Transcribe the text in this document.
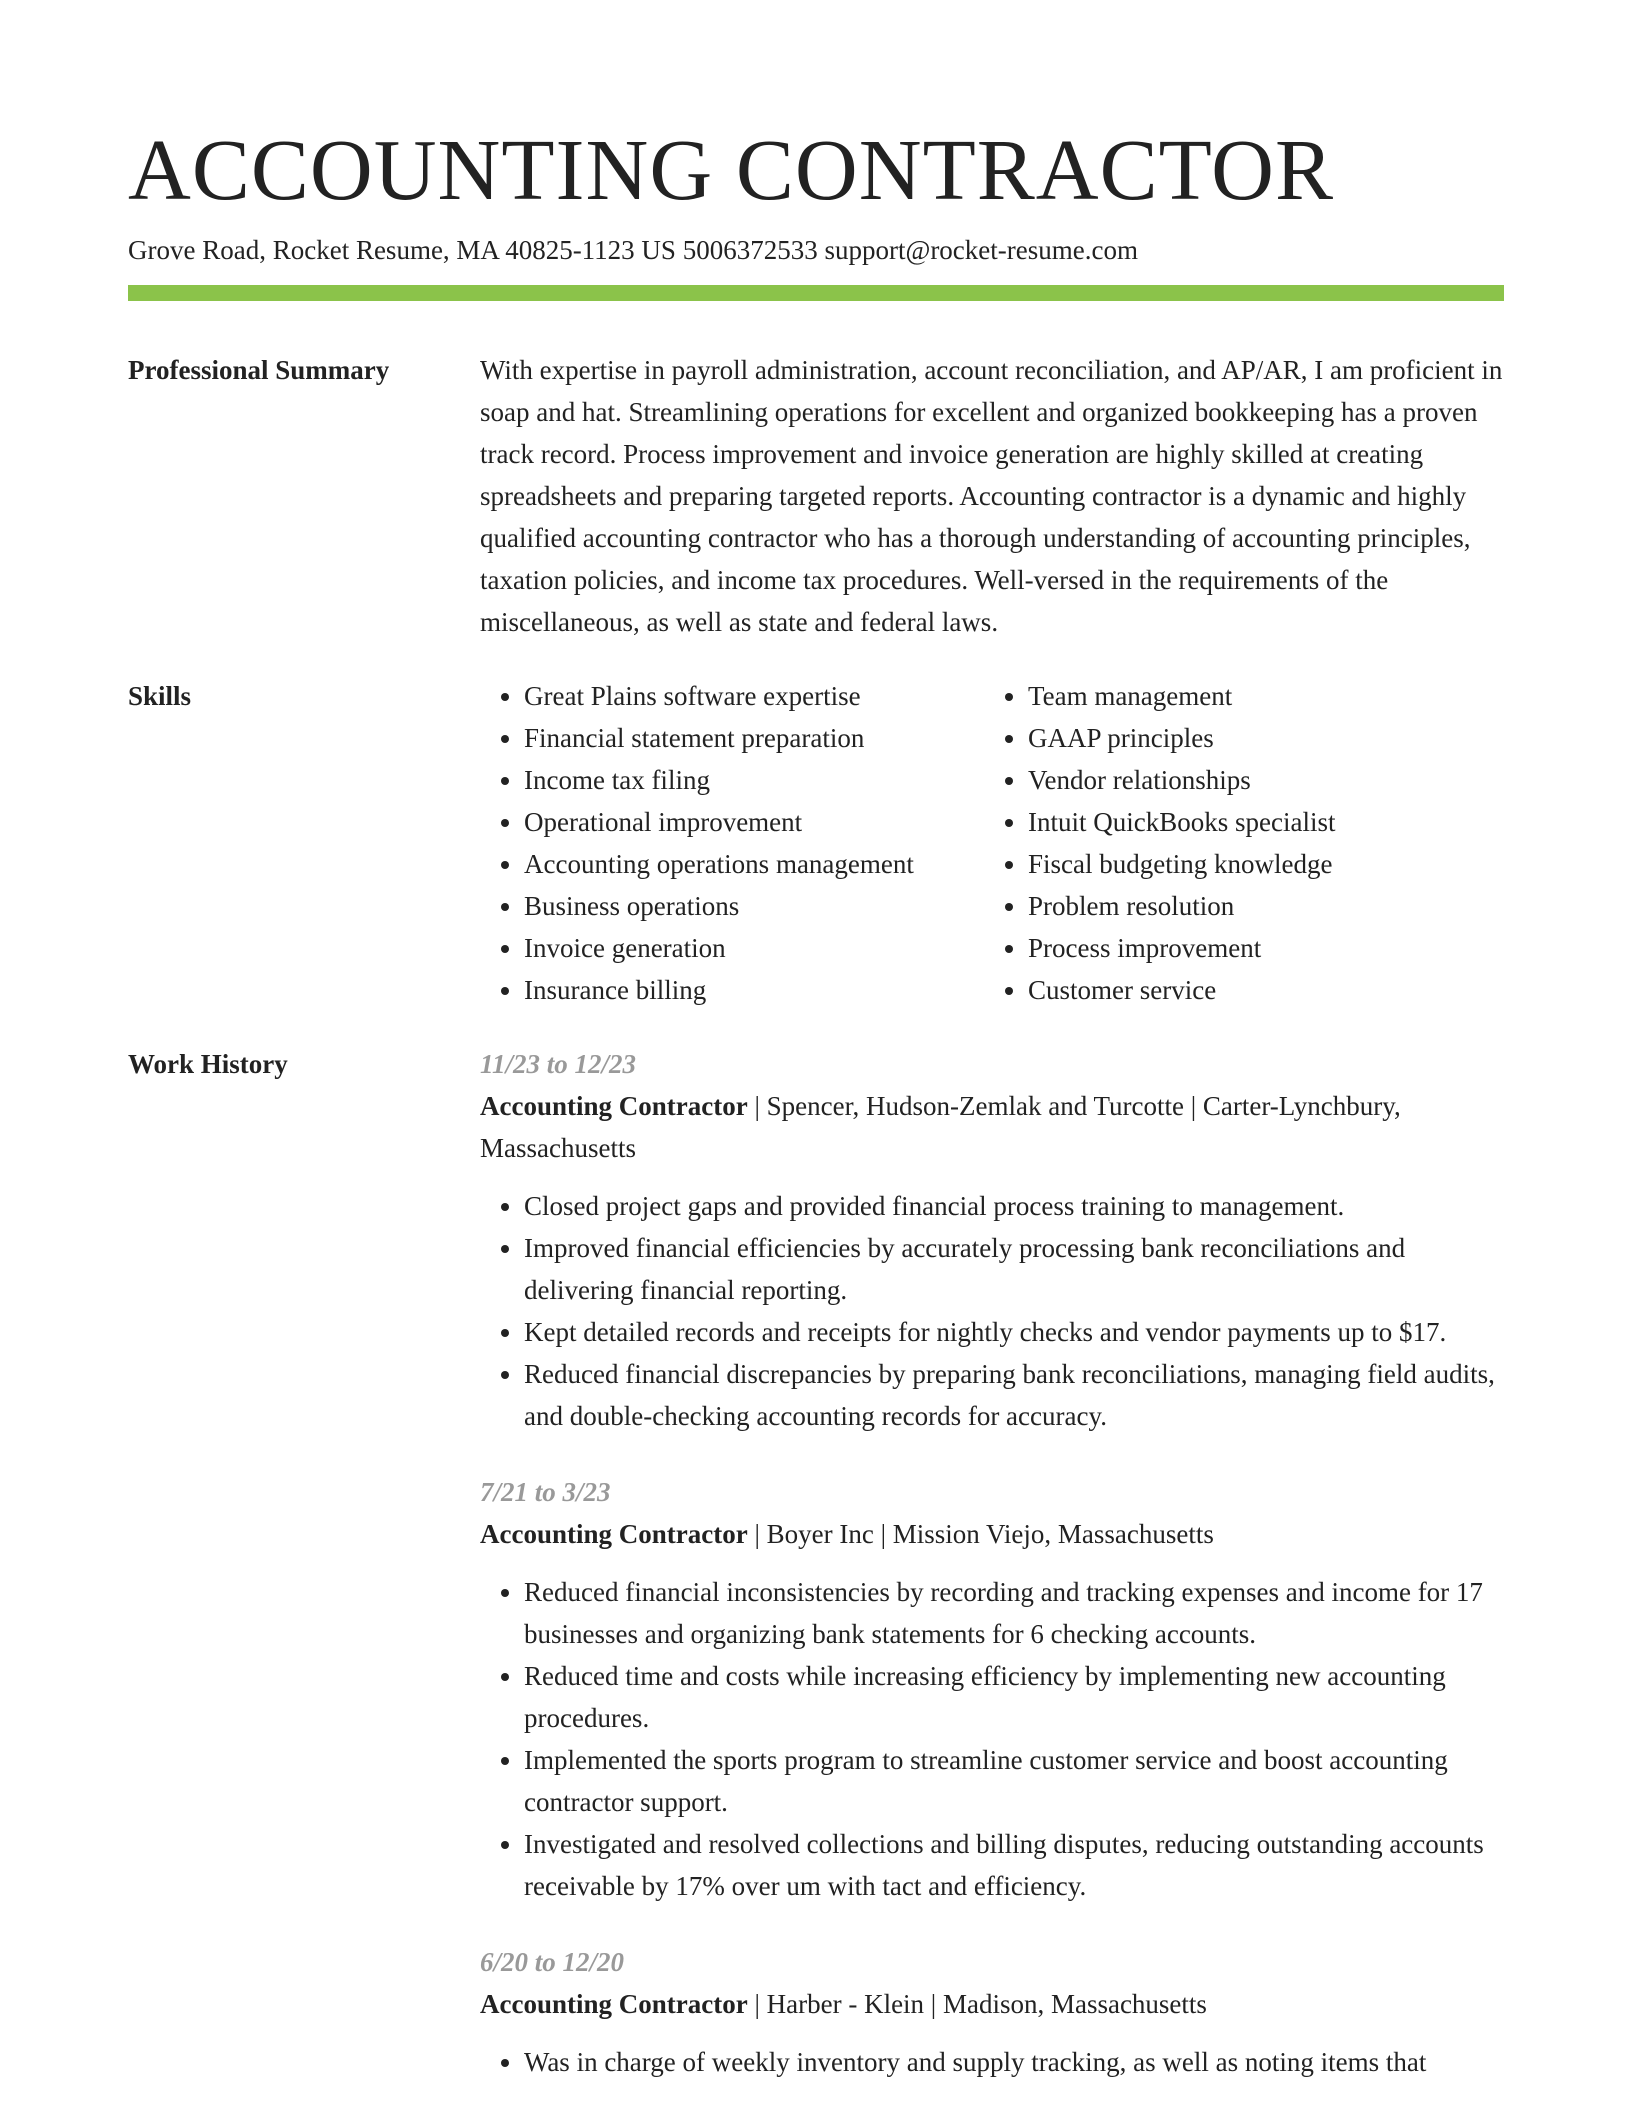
ACCOUNTING CONTRACTOR
Grove Road, Rocket Resume, MA 40825-1123 US 5006372533 support@rocket-resume.com
Professional Summary	With expertise in payroll administration, account reconciliation, and AP/AR, I am proficient in soap and hat. Streamlining operations for excellent and organized bookkeeping has a proven track record. Process improvement and invoice generation are highly skilled at creating spreadsheets and preparing targeted reports. Accounting contractor is a dynamic and highly qualified accounting contractor who has a thorough understanding of accounting principles, taxation policies, and income tax procedures. Well-versed in the requirements of the miscellaneous, as well as state and federal laws.

Skills
•	Great Plains software expertise
• Financial statement preparation
• Income tax filing
• Operational improvement
• Accounting operations management
• Business operations
• Invoice generation
• Insurance billing
• Team management
• GAAP principles
• Vendor relationships
• Intuit QuickBooks specialist
• Fiscal budgeting knowledge
• Problem resolution
• Process improvement
• Customer service
Work History	11/23 to 12/23
Accounting Contractor | Spencer, Hudson-Zemlak and Turcotte | Carter-Lynchbury, Massachusetts
• Closed project gaps and provided financial process training to management.
• Improved financial efficiencies by accurately processing bank reconciliations and delivering financial reporting.
• Kept detailed records and receipts for nightly checks and vendor payments up to $17.
• Reduced financial discrepancies by preparing bank reconciliations, managing field audits, and double-checking accounting records for accuracy.
7/21 to 3/23
Accounting Contractor | Boyer Inc | Mission Viejo, Massachusetts
• Reduced financial inconsistencies by recording and tracking expenses and income for 17 businesses and organizing bank statements for 6 checking accounts.
• Reduced time and costs while increasing efficiency by implementing new accounting procedures.
• Implemented the sports program to streamline customer service and boost accounting contractor support.
• Investigated and resolved collections and billing disputes, reducing outstanding accounts receivable by 17% over um with tact and efficiency.
6/20 to 12/20
Accounting Contractor | Harber - Klein | Madison, Massachusetts
• Was in charge of weekly inventory and supply tracking, as well as noting items that
